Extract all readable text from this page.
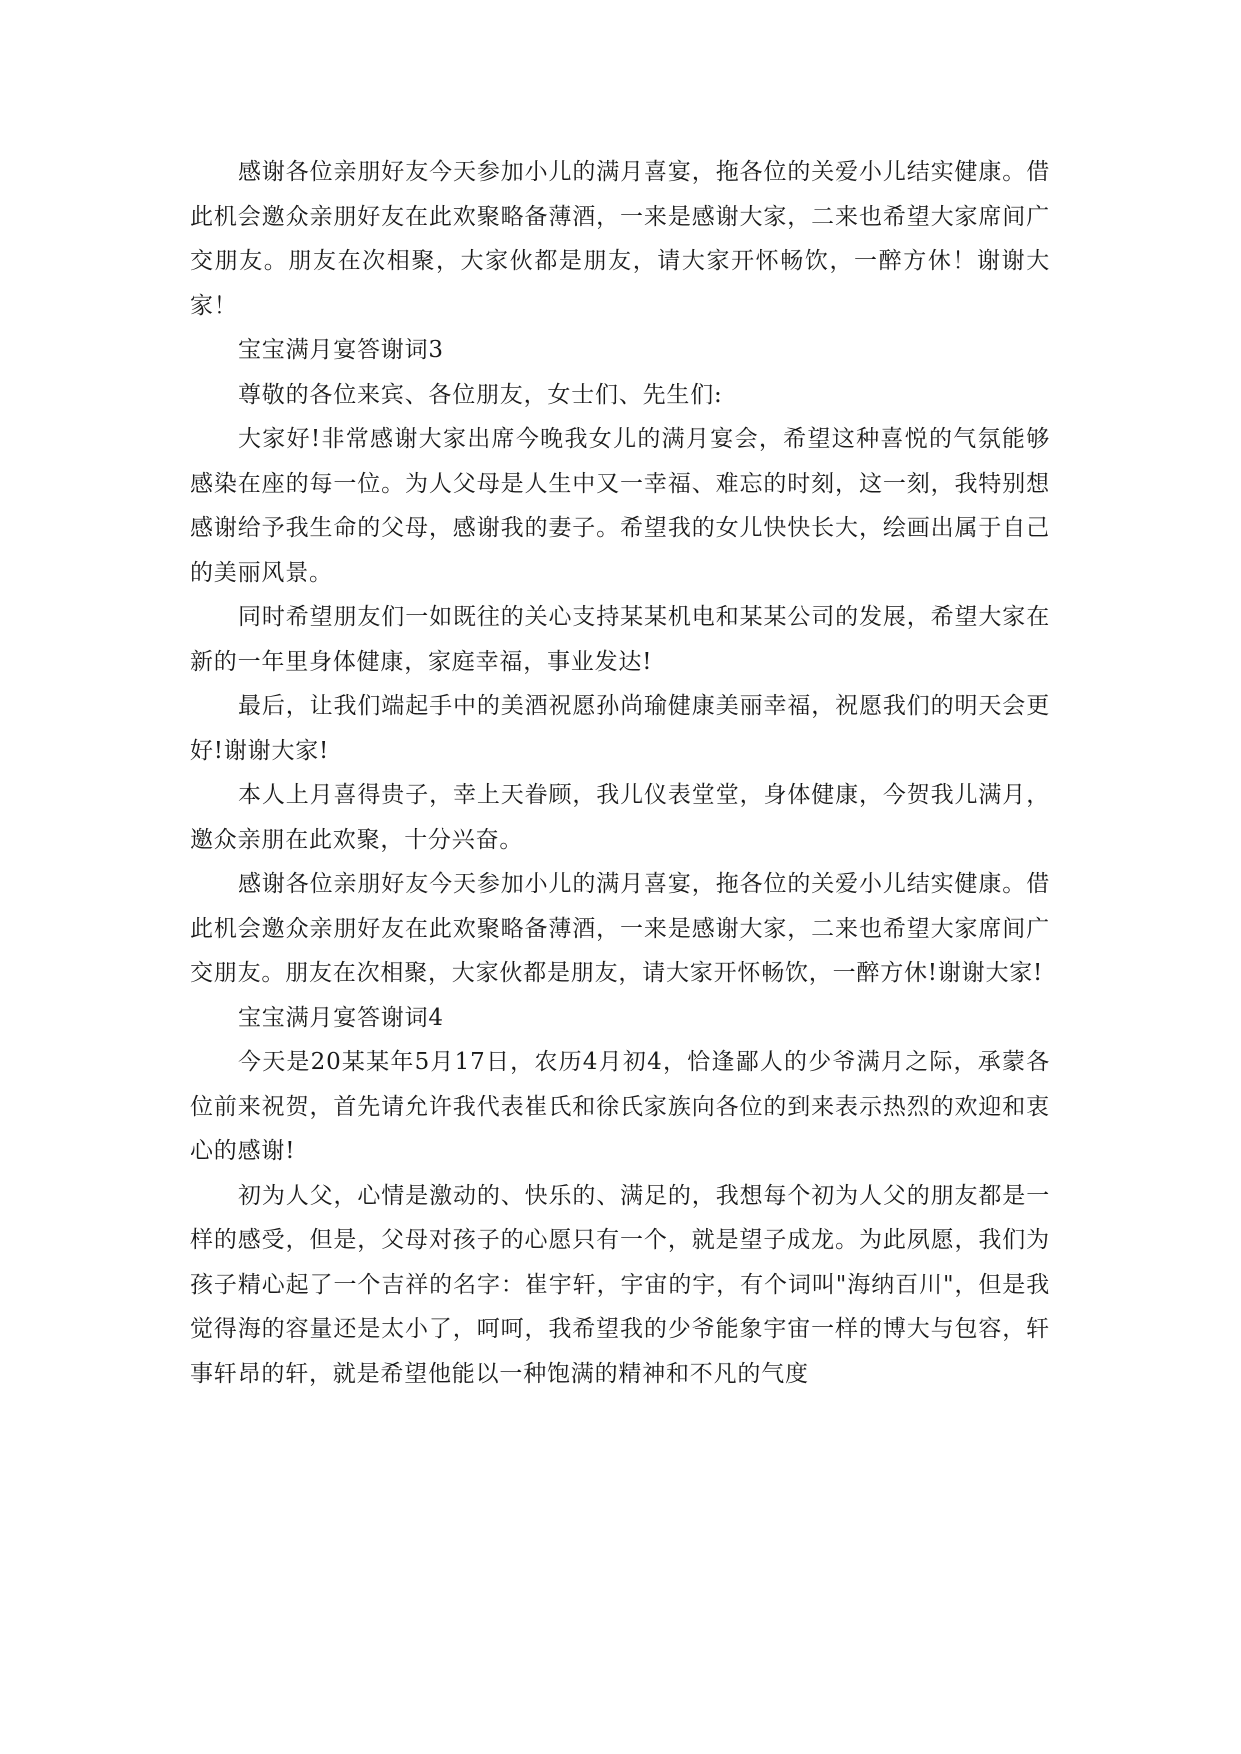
感谢各位亲朋好友今天参加小儿的满月喜宴，拖各位的关爱小儿结实健康。借此机会邀众亲朋好友在此欢聚略备薄酒，一来是感谢大家，二来也希望大家席间广交朋友。朋友在次相聚，大家伙都是朋友，请大家开怀畅饮，一醉方休！谢谢大家！

宝宝满月宴答谢词3

尊敬的各位来宾、各位朋友，女士们、先生们:

大家好!非常感谢大家出席今晚我女儿的满月宴会，希望这种喜悦的气氛能够感染在座的每一位。为人父母是人生中又一幸福、难忘的时刻，这一刻，我特别想感谢给予我生命的父母，感谢我的妻子。希望我的女儿快快长大，绘画出属于自己的美丽风景。

同时希望朋友们一如既往的关心支持某某机电和某某公司的发展，希望大家在新的一年里身体健康，家庭幸福，事业发达!

最后，让我们端起手中的美酒祝愿孙尚瑜健康美丽幸福，祝愿我们的明天会更好!谢谢大家!

本人上月喜得贵子，幸上天眷顾，我儿仪表堂堂，身体健康，今贺我儿满月，邀众亲朋在此欢聚，十分兴奋。

感谢各位亲朋好友今天参加小儿的满月喜宴，拖各位的关爱小儿结实健康。借此机会邀众亲朋好友在此欢聚略备薄酒，一来是感谢大家，二来也希望大家席间广交朋友。朋友在次相聚，大家伙都是朋友，请大家开怀畅饮，一醉方休!谢谢大家!

宝宝满月宴答谢词4

今天是20某某年5月17日，农历4月初4，恰逢鄙人的少爷满月之际，承蒙各位前来祝贺，首先请允许我代表崔氏和徐氏家族向各位的到来表示热烈的欢迎和衷心的感谢!

初为人父，心情是激动的、快乐的、满足的，我想每个初为人父的朋友都是一样的感受，但是，父母对孩子的心愿只有一个，就是望子成龙。为此夙愿，我们为孩子精心起了一个吉祥的名字：崔宇轩，宇宙的宇，有个词叫"海纳百川"，但是我觉得海的容量还是太小了，呵呵，我希望我的少爷能象宇宙一样的博大与包容，轩事轩昂的轩，就是希望他能以一种饱满的精神和不凡的气度
